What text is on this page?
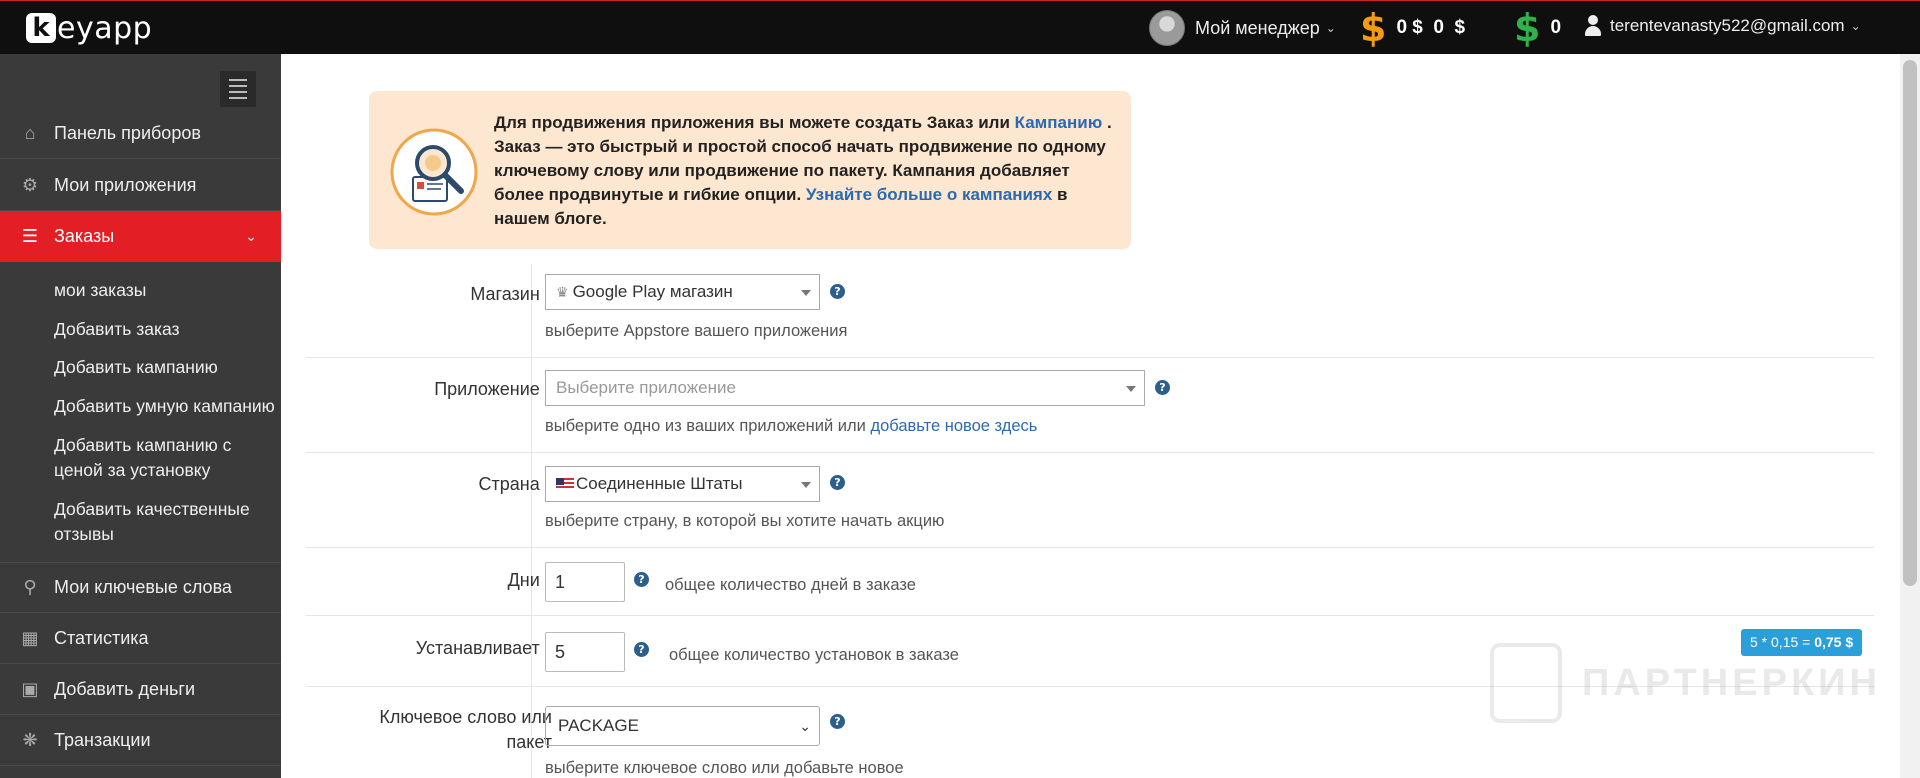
k eyapp	Мой менеджер ⌄ $ 0 $  0  $ $ 0	terentevanasty522@gmail.com ⌄
⌂ Панель приборов
⚙ Мои приложения
☰ Заказы	⌄
мои заказы
Добавить заказ
Добавить кампанию
Добавить умную кампанию
Добавить кампанию с ценой за установку
Добавить качественные отзывы
⚲ Мои ключевые слова
▦ Статистика
▣ Добавить деньги
❋ Транзакции
Для продвижения приложения вы можете создать Заказ или Кампанию . Заказ — это быстрый и простой способ начать продвижение по одному ключевому слову или продвижение по пакету. Кампания добавляет более продвинутые и гибкие опции. Узнайте больше о кампаниях в нашем блоге.
Магазин	♛ Google Play магазин	?
выберите Appstore вашего приложения
Приложение Выберите приложение	?
выберите одно из ваших приложений или добавьте новое здесь
Страна	Соединенные Штаты	?
выберите страну, в которой вы хотите начать акцию
Дни 1	? общее количество дней в заказе
Устанавливает 5	? общее количество установок в заказе
ПАРТНЕРКИН
5 * 0,15 = 0,75 $
Ключевое слово или
пакет
PACKAGE	⌄	?
выберите ключевое слово или добавьте новое
